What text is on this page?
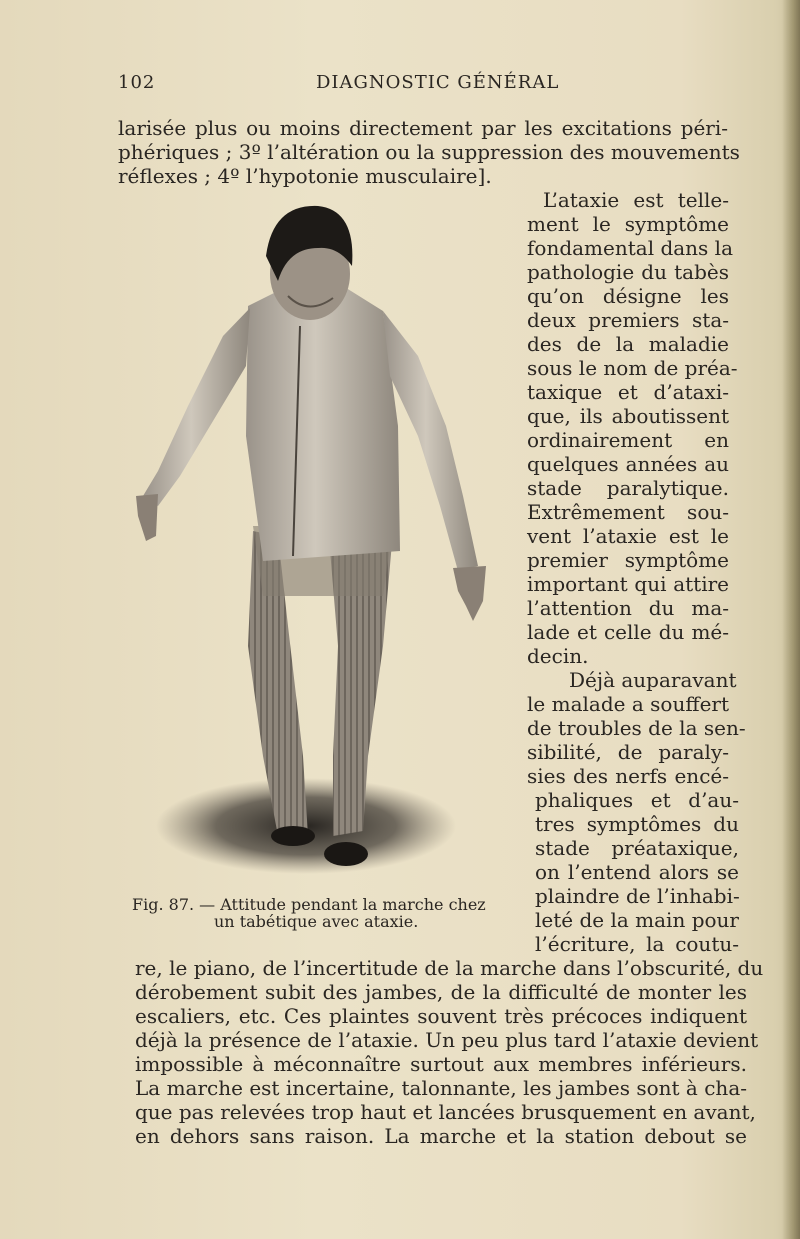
102	DIAGNOSTIC GÉNÉRAL
larisée plus ou moins directement par les excitations péri-
phériques ; 3º l’altération ou la suppression des mouvements
réflexes ; 4º l’hypotonie musculaire].
Fig. 87. — Attitude pendant la marche chez
un tabétique avec ataxie.
L’ataxie est telle-
ment le symptôme
fondamental dans la
pathologie du tabès
qu’on désigne les
deux premiers sta-
des de la maladie
sous le nom de préa-
taxique et d’ataxi-
que, ils aboutissent
ordinairement en
quelques années au
stade paralytique.
Extrêmement sou-
vent l’ataxie est le
premier symptôme
important qui attire
l’attention du ma-
lade et celle du mé-
decin.
Déjà auparavant
le malade a souffert
de troubles de la sen-
sibilité, de paraly-
sies des nerfs encé-
phaliques et d’au-
tres symptômes du
stade préataxique,
on l’entend alors se
plaindre de l’inhabi-
leté de la main pour
l’écriture, la coutu-
re, le piano, de l’incertitude de la marche dans l’obscurité, du
dérobement subit des jambes, de la difficulté de monter les
escaliers, etc. Ces plaintes souvent très précoces indiquent
déjà la présence de l’ataxie. Un peu plus tard l’ataxie devient
impossible à méconnaître surtout aux membres inférieurs.
La marche est incertaine, talonnante, les jambes sont à cha-
que pas relevées trop haut et lancées brusquement en avant,
en dehors sans raison. La marche et la station debout se
